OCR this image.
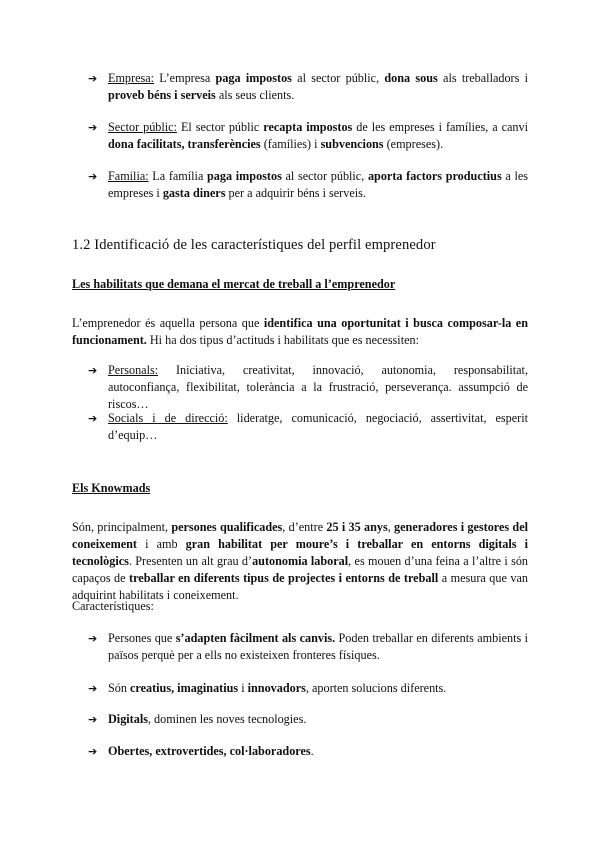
➔ Empresa: L’empresa paga impostos al sector públic, dona sous als treballadors i proveb béns i serveis als seus clients.
➔ Sector públic: El sector públic recapta impostos de les empreses i famílies, a canvi dona facilitats, transferències (famílies) i subvencions (empreses).
➔ Familia: La família paga impostos al sector públic, aporta factors productius a les empreses i gasta diners per a adquirir béns i serveis.
1.2 Identificació de les característiques del perfil emprenedor
Les habilitats que demana el mercat de treball a l’emprenedor
L’emprenedor és aquella persona que identifica una oportunitat i busca composar-la en funcionament. Hi ha dos tipus d’actituds i habilitats que es necessiten:
➔ Personals: Iniciativa, creativitat, innovació, autonomia, responsabilitat, autoconfiança, flexibilitat, tolerància a la frustració, perseverança. assumpció de riscos…
➔ Socials i de direcció: lideratge, comunicació, negociació, assertivitat, esperit d’equip…
Els Knowmads
Són, principalment, persones qualificades, d’entre 25 i 35 anys, generadores i gestores del coneixement i amb gran habilitat per moure’s i treballar en entorns digitals i tecnològics. Presenten un alt grau d’autonomia laboral, es mouen d’una feina a l’altre i són capaços de treballar en diferents tipus de projectes i entorns de treball a mesura que van adquirint habilitats i coneixement.
Característiques:
➔ Persones que s’adapten fàcilment als canvis. Poden treballar en diferents ambients i països perquè per a ells no existeixen fronteres físiques.
➔ Són creatius, imaginatius i innovadors, aporten solucions diferents.
➔ Digitals, dominen les noves tecnologies.
➔ Obertes, extrovertides, col·laboradores.
